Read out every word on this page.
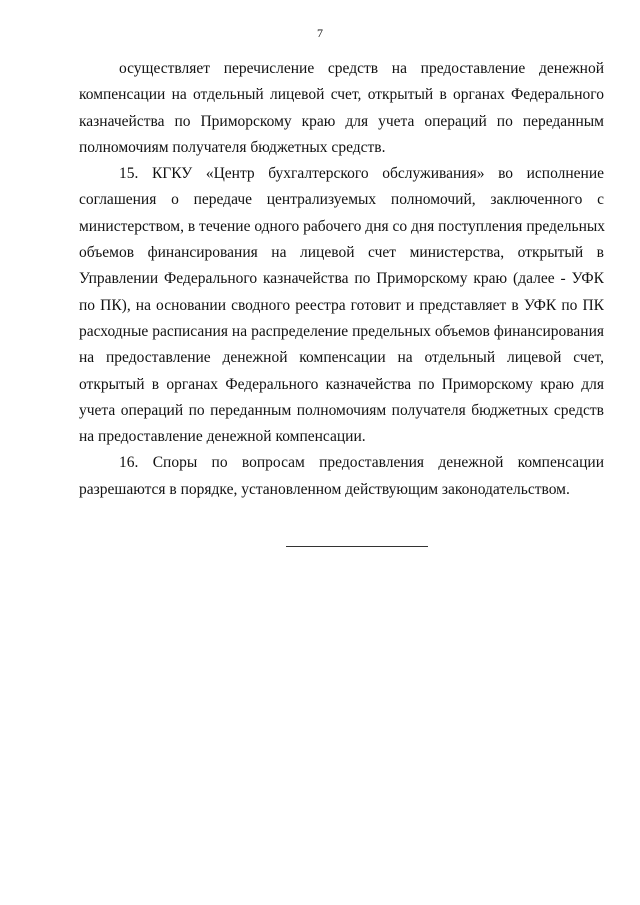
7
осуществляет перечисление средств на предоставление денежной
компенсации на отдельный лицевой счет, открытый в органах Федерального
казначейства по Приморскому краю для учета операций по переданным
полномочиям получателя бюджетных средств.
15. КГКУ «Центр бухгалтерского обслуживания» во исполнение
соглашения о передаче централизуемых полномочий, заключенного с
министерством, в течение одного рабочего дня со дня поступления предельных
объемов финансирования на лицевой счет министерства, открытый в
Управлении Федерального казначейства по Приморскому краю (далее - УФК
по ПК), на основании сводного реестра готовит и представляет в УФК по ПК
расходные расписания на распределение предельных объемов финансирования
на предоставление денежной компенсации на отдельный лицевой счет,
открытый в органах Федерального казначейства по Приморскому краю для
учета операций по переданным полномочиям получателя бюджетных средств
на предоставление денежной компенсации.
16. Споры по вопросам предоставления денежной компенсации
разрешаются в порядке, установленном действующим законодательством.
